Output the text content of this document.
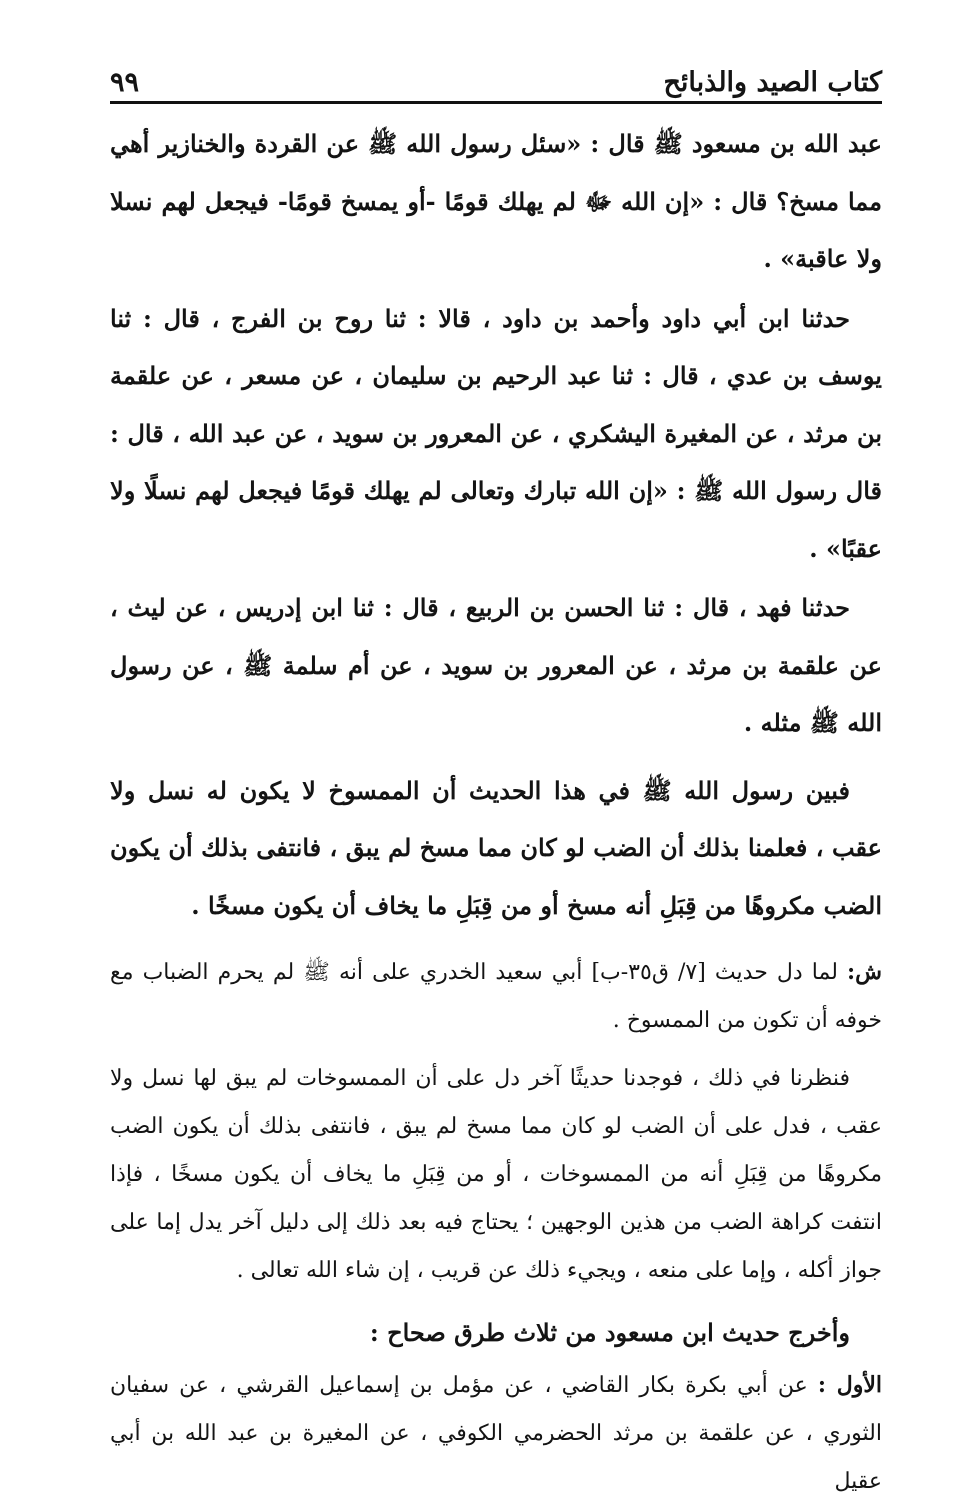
كتاب الصيد والذبائح
٩٩

عبد الله بن مسعود ﷺ قال : «سئل رسول الله ﷺ عن القردة والخنازير أهي مما مسخ؟ قال : «إن الله ﷻ لم يهلك قومًا -أو يمسخ قومًا- فيجعل لهم نسلا ولا عاقبة» .

حدثنا ابن أبي داود وأحمد بن داود ، قالا : ثنا روح بن الفرج ، قال : ثنا يوسف بن عدي ، قال : ثنا عبد الرحيم بن سليمان ، عن مسعر ، عن علقمة بن مرثد ، عن المغيرة اليشكري ، عن المعرور بن سويد ، عن عبد الله ، قال : قال رسول الله ﷺ : «إن الله تبارك وتعالى لم يهلك قومًا فيجعل لهم نسلًا ولا عقبًا» .

حدثنا فهد ، قال : ثنا الحسن بن الربيع ، قال : ثنا ابن إدريس ، عن ليث ، عن علقمة بن مرثد ، عن المعرور بن سويد ، عن أم سلمة ﷺ ، عن رسول الله ﷺ مثله .

فبين رسول الله ﷺ في هذا الحديث أن الممسوخ لا يكون له نسل ولا عقب ، فعلمنا بذلك أن الضب لو كان مما مسخ لم يبق ، فانتفى بذلك أن يكون الضب مكروهًا من قِبَلِ أنه مسخ أو من قِبَلِ ما يخاف أن يكون مسخًا .

ش: لما دل حديث [٧/ ق٣٥-ب] أبي سعيد الخدري على أنه ﷺ لم يحرم الضباب مع خوفه أن تكون من الممسوخ .

فنظرنا في ذلك ، فوجدنا حديثًا آخر دل على أن الممسوخات لم يبق لها نسل ولا عقب ، فدل على أن الضب لو كان مما مسخ لم يبق ، فانتفى بذلك أن يكون الضب مكروهًا من قِبَلِ أنه من الممسوخات ، أو من قِبَلِ ما يخاف أن يكون مسخًا ، فإذا انتفت كراهة الضب من هذين الوجهين ؛ يحتاج فيه بعد ذلك إلى دليل آخر يدل إما على جواز أكله ، وإما على منعه ، ويجيء ذلك عن قريب ، إن شاء الله تعالى .

وأخرج حديث ابن مسعود من ثلاث طرق صحاح :

الأول : عن أبي بكرة بكار القاضي ، عن مؤمل بن إسماعيل القرشي ، عن سفيان الثوري ، عن علقمة بن مرثد الحضرمي الكوفي ، عن المغيرة بن عبد الله بن أبي عقيل
